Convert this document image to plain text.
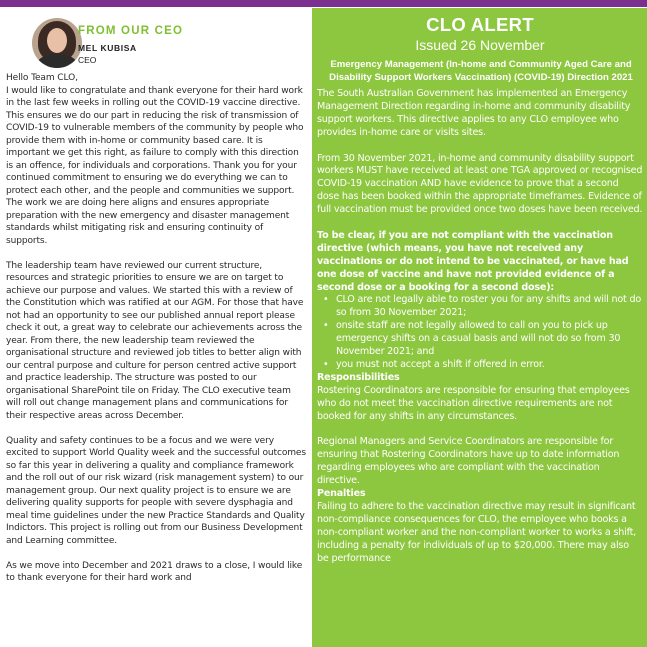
FROM OUR CEO
MEL KUBISA
CEO

Hello Team CLO,

I would like to congratulate and thank everyone for their hard work in the last few weeks in rolling out the COVID-19 vaccine directive. This ensures we do our part in reducing the risk of transmission of COVID-19 to vulnerable members of the community by people who provide them with in-home or community based care. It is important we get this right, as failure to comply with this direction is an offence, for individuals and corporations. Thank you for your continued commitment to ensuring we do everything we can to protect each other, and the people and communities we support. The work we are doing here aligns and ensures appropriate preparation with the new emergency and disaster management standards whilst mitigating risk and ensuring continuity of supports.

The leadership team have reviewed our current structure, resources and strategic priorities to ensure we are on target to achieve our purpose and values. We started this with a review of the Constitution which was ratified at our AGM. For those that have not had an opportunity to see our published annual report please check it out, a great way to celebrate our achievements across the year. From there, the new leadership team reviewed the organisational structure and reviewed job titles to better align with our central purpose and culture for person centred active support and practice leadership. The structure was posted to our organisational SharePoint tile on Friday. The CLO executive team will roll out change management plans and communications for their respective areas across December.

Quality and safety continues to be a focus and we were very excited to support World Quality week and the successful outcomes so far this year in delivering a quality and compliance framework and the roll out of our risk wizard (risk management system) to our management group. Our next quality project is to ensure we are delivering quality supports for people with severe dysphagia and meal time guidelines under the new Practice Standards and Quality Indictors. This project is rolling out from our Business Development and Learning committee.

As we move into December and 2021 draws to a close, I would like to thank everyone for their hard work and

CLO ALERT
Issued 26 November
Emergency Management (In-home and Community Aged Care and Disability Support Workers Vaccination) (COVID-19) Direction 2021

The South Australian Government has implemented an Emergency Management Direction regarding in-home and community disability support workers. This directive applies to any CLO employee who provides in-home care or visits sites.

From 30 November 2021, in-home and community disability support workers MUST have received at least one TGA approved or recognised COVID-19 vaccination AND have evidence to prove that a second dose has been booked within the appropriate timeframes. Evidence of full vaccination must be provided once two doses have been received.

To be clear, if you are not compliant with the vaccination directive (which means, you have not received any vaccinations or do not intend to be vaccinated, or have had one dose of vaccine and have not provided evidence of a second dose or a booking for a second dose):

• CLO are not legally able to roster you for any shifts and will not do so from 30 November 2021;
• onsite staff are not legally allowed to call on you to pick up emergency shifts on a casual basis and will not do so from 30 November 2021; and
• you must not accept a shift if offered in error.
Responsibilities

Rostering Coordinators are responsible for ensuring that employees who do not meet the vaccination directive requirements are not booked for any shifts in any circumstances.

Regional Managers and Service Coordinators are responsible for ensuring that Rostering Coordinators have up to date information regarding employees who are compliant with the vaccination directive.

Penalties

Failing to adhere to the vaccination directive may result in significant non-compliance consequences for CLO, the employee who books a non-compliant worker and the non-compliant worker to works a shift, including a penalty for individuals of up to $20,000. There may also be performance
